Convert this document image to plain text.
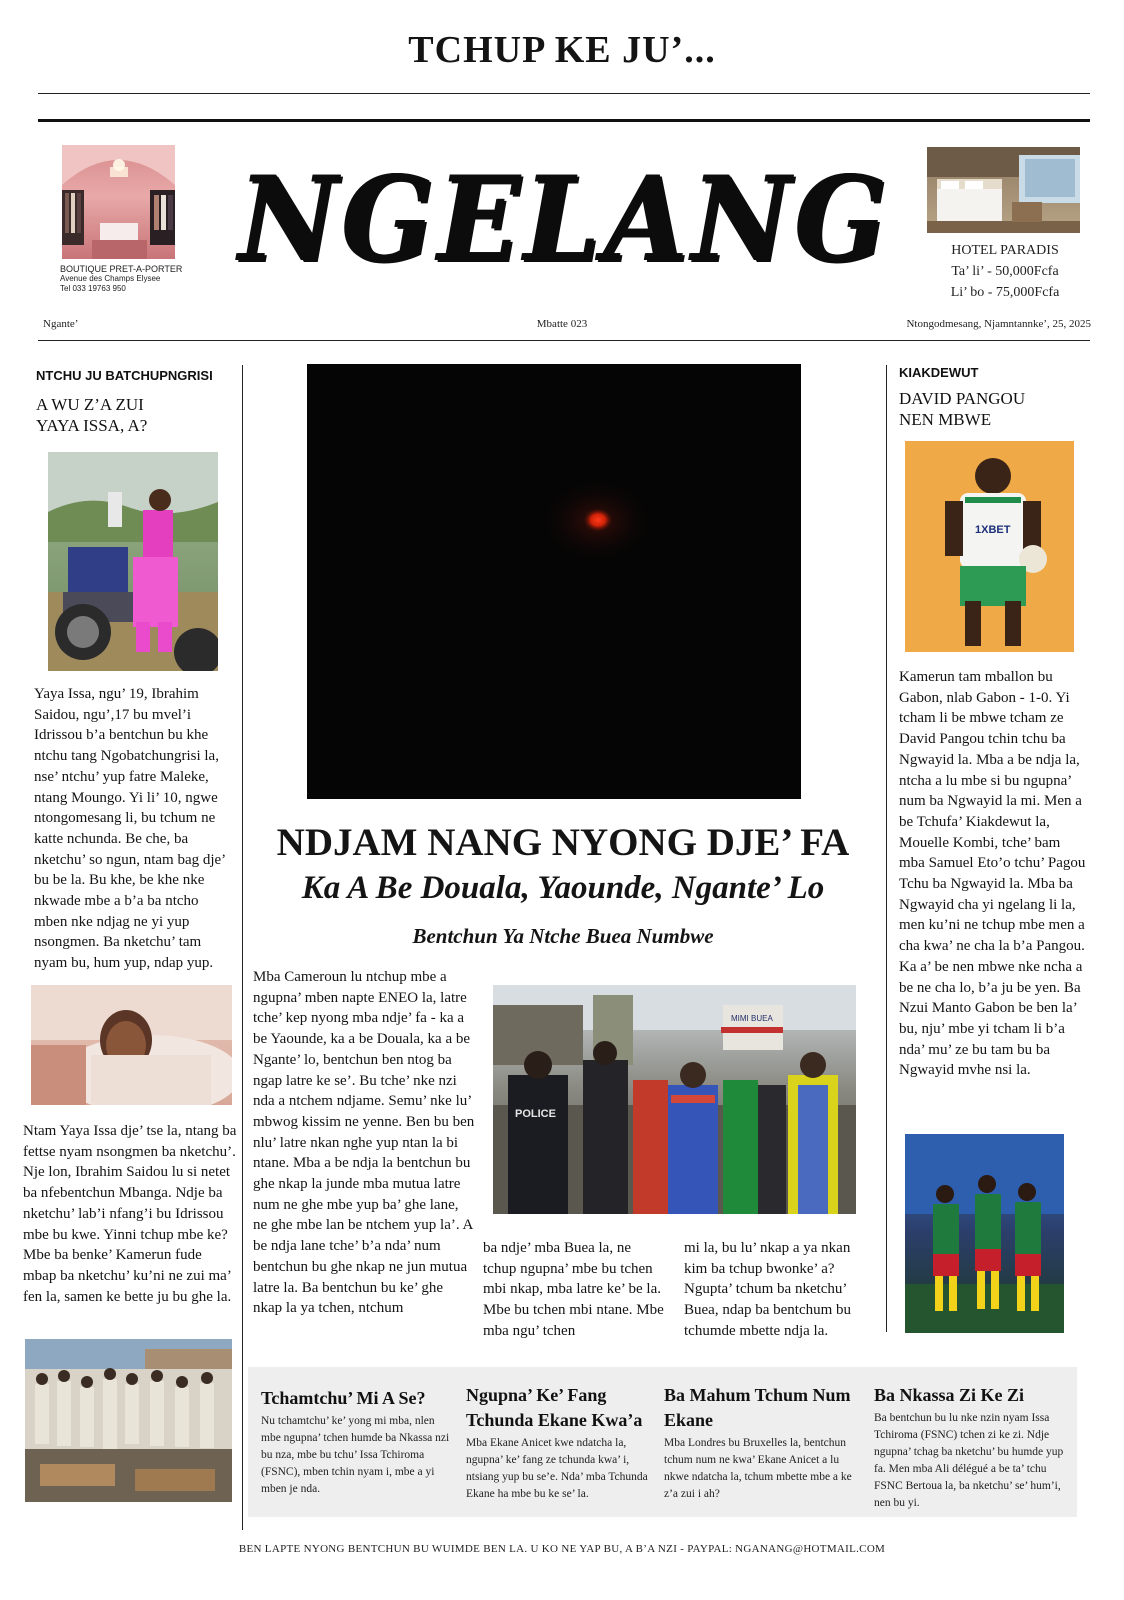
TCHUP KE JU’...
BOUTIQUE PRET-A-PORTER
Avenue des Champs Elysee
Tel 033 19763 950
NGELANG	HOTEL PARADIS
Ta’ li’ - 50,000Fcfa
Li’ bo - 75,000Fcfa
Ngante’	Mbatte 023	Ntongodmesang, Njamntannke’, 25, 2025
NTCHU JU BATCHUPNGRISI
A WU Z’A ZUI
YAYA ISSA, A?

Yaya Issa, ngu’ 19, Ibrahim Saidou, ngu’,17 bu mvel’i Idrissou b’a bentchun bu khe ntchu tang Ngobatchungrisi la, nse’ ntchu’ yup fatre Maleke, ntang Moungo. Yi li’ 10, ngwe ntongomesang li, bu tchum ne katte nchunda. Be che, ba nketchu’ so ngun, ntam bag dje’ bu be la. Bu khe, be khe nke nkwade mbe a b’a ba ntcho mben nke ndjag ne yi yup nsongmen. Ba nketchu’ tam nyam bu, hum yup, ndap yup.

Ntam Yaya Issa dje’ tse la, ntang ba fettse nyam nsongmen ba nketchu’. Nje lon, Ibrahim Saidou lu si netet ba nfebentchun Mbanga. Ndje ba nketchu’ lab’i nfang’i bu Idrissou mbe bu kwe. Yinni tchup mbe ke? Mbe ba benke’ Kamerun fude mbap ba nketchu’ ku’ni ne zui ma’ fen la, samen ke bette ju bu ghe la.

NDJAM NANG NYONG DJE’ FA
Ka A Be Douala, Yaounde, Ngante’ Lo
Bentchun Ya Ntche Buea Numbwe

Mba Cameroun lu ntchup mbe a ngupna’ mben napte ENEO la, latre tche’ kep nyong mba ndje’ fa - ka a be Yaounde, ka a be Douala, ka a be Ngante’ lo, bentchun ben ntog ba ngap latre ke se’. Bu tche’ nke nzi nda a ntchem ndjame. Semu’ nke lu’ mbwog kissim ne yenne. Ben bu ben nlu’ latre nkan nghe yup ntan la bi ntane. Mba a be ndja la bentchun bu ghe nkap la junde mba mutua latre num ne ghe mbe yup ba’ ghe lane, ne ghe mbe lan be ntchem yup la’. A be ndja lane tche’ b’a nda’ num bentchun bu ghe nkap ne jun mutua latre la. Ba bentchun bu ke’ ghe nkap la ya tchen, ntchum

MIMI BUEA
POLICE

ba ndje’ mba Buea la, ne tchup ngupna’ mbe bu tchen mbi nkap, mba latre ke’ be la. Mbe bu tchen mbi ntane. Mbe mba ngu’ tchen

mi la, bu lu’ nkap a ya nkan kim ba tchup bwonke’ a? Ngupta’ tchum ba nketchu’ Buea, ndap ba bentchum bu tchumde mbette ndja la.

KIAKDEWUT
DAVID PANGOU
NEN MBWE
1XBET

Kamerun tam mballon bu Gabon, nlab Gabon - 1-0. Yi tcham li be mbwe tcham ze David Pangou tchin tchu ba Ngwayid la. Mba a be ndja la, ntcha a lu mbe si bu ngupna’ num ba Ngwayid la mi. Men a be Tchufa’ Kiakdewut la, Mouelle Kombi, tche’ bam mba Samuel Eto’o tchu’ Pagou Tchu ba Ngwayid la. Mba ba Ngwayid cha yi ngelang li la, men ku’ni ne tchup mbe men a cha kwa’ ne cha la b’a Pangou. Ka a’ be nen mbwe nke ncha a be ne cha lo, b’a ju be yen. Ba Nzui Manto Gabon be ben la’ bu, nju’ mbe yi tcham li b’a nda’ mu’ ze bu tam bu ba Ngwayid mvhe nsi la.

Tchamtchu’ Mi A Se?

Nu tchamtchu’ ke’ yong mi mba, nlen mbe ngupna’ tchen humde ba Nkassa nzi bu nza, mbe bu tchu’ Issa Tchiroma (FSNC), mben tchin nyam i, mbe a yi mben je nda.

Ngupna’ Ke’ Fang Tchunda Ekane Kwa’a

Mba Ekane Anicet kwe ndatcha la, ngupna’ ke’ fang ze tchunda kwa’ i, ntsiang yup bu se’e. Nda’ mba Tchunda Ekane ha mbe bu ke se’ la.

Ba Mahum Tchum Num Ekane

Mba Londres bu Bruxelles la, bentchun tchum num ne kwa’ Ekane Anicet a lu nkwe ndatcha la, tchum mbette mbe a ke z’a zui i ah?

Ba Nkassa Zi Ke Zi

Ba bentchun bu lu nke nzin nyam Issa Tchiroma (FSNC) tchen zi ke zi. Ndje ngupna’ tchag ba nketchu’ bu humde yup fa. Men mba Ali délégué a be ta’ tchu FSNC Bertoua la, ba nketchu’ se’ hum’i, nen bu yi.

BEN LAPTE NYONG BENTCHUN BU WUIMDE BEN LA. U KO NE YAP BU, A B’A NZI - PAYPAL: NGANANG@HOTMAIL.COM
